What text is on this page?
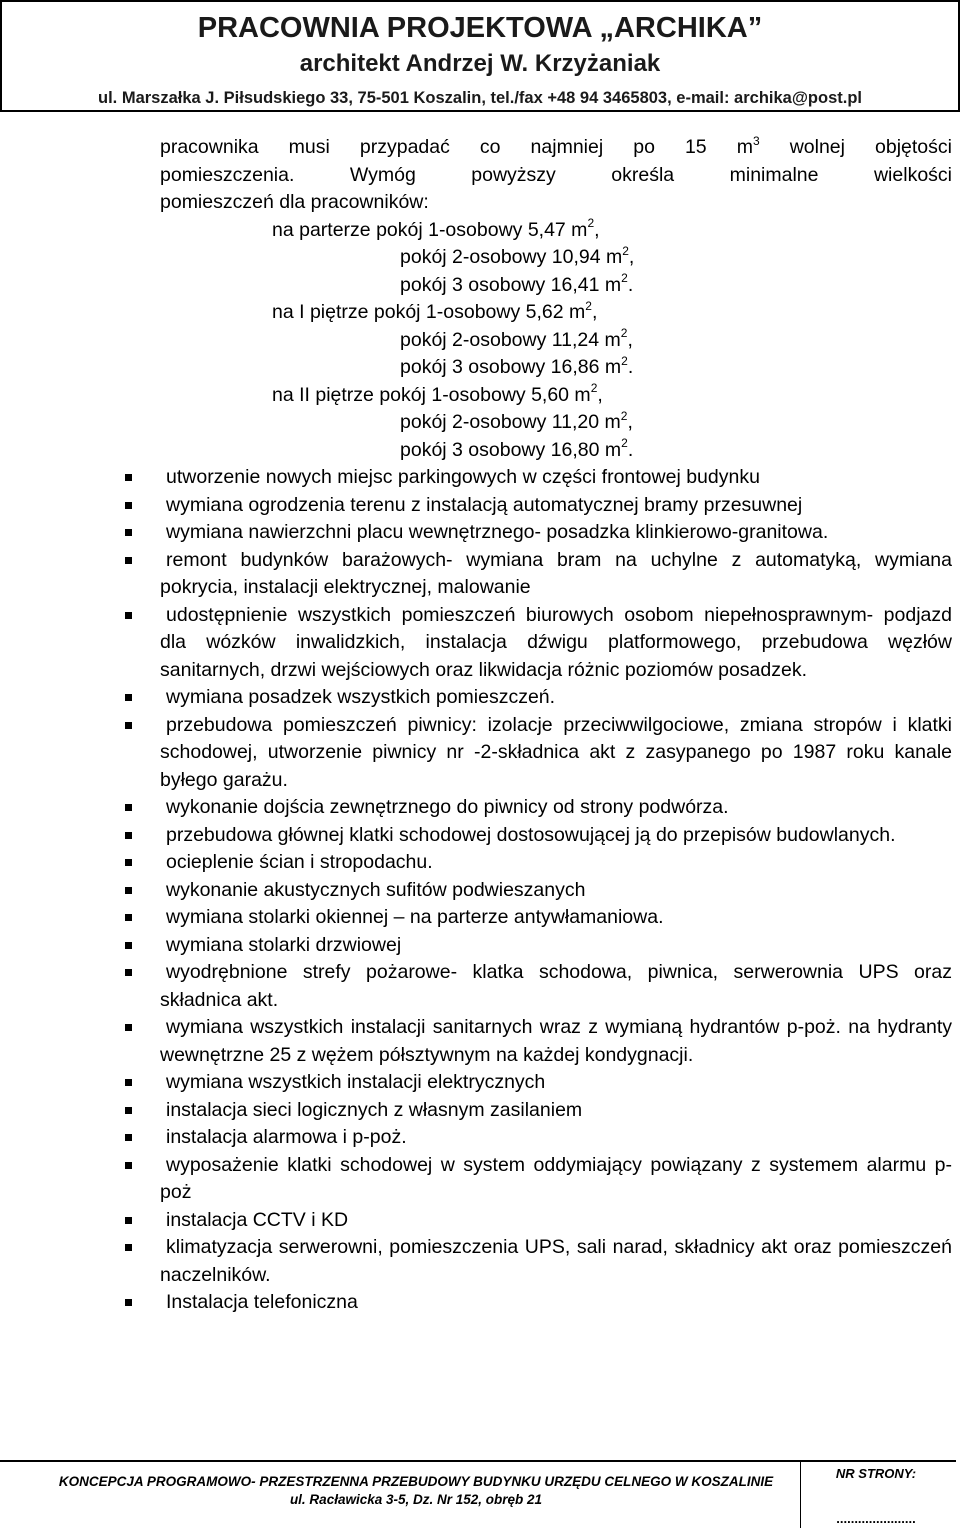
PRACOWNIA PROJEKTOWA „ARCHIKA”
architekt Andrzej W. Krzyżaniak
ul. Marszałka J. Piłsudskiego 33, 75-501 Koszalin, tel./fax +48 94 3465803, e-mail: archika@post.pl

pracownika musi przypadać co najmniej po 15 $m^3$ wolnej objętości

pomieszczenia. Wymóg powyższy określa minimalne wielkości

pomieszczeń dla pracowników:

na parterze pokój 1-osobowy 5,47 $m^2$,

pokój 2-osobowy 10,94 $m^2$,

pokój 3 osobowy 16,41 $m^2$.

na I piętrze pokój 1-osobowy 5,62 $m^2$,

pokój 2-osobowy 11,24 $m^2$,

pokój 3 osobowy 16,86 $m^2$.

na II piętrze pokój 1-osobowy 5,60 $m^2$,

pokój 2-osobowy 11,20 $m^2$,

pokój 3 osobowy 16,80 $m^2$.

utworzenie nowych miejsc parkingowych w części frontowej budynku
wymiana ogrodzenia terenu z instalacją automatycznej bramy przesuwnej
wymiana nawierzchni placu wewnętrznego- posadzka klinkierowo-granitowa.
remont budynków barażowych- wymiana bram na uchylne z automatyką, wymiana pokrycia, instalacji elektrycznej, malowanie
udostępnienie wszystkich pomieszczeń biurowych osobom niepełnosprawnym- podjazd dla wózków inwalidzkich, instalacja dźwigu platformowego, przebudowa węzłów sanitarnych, drzwi wejściowych oraz likwidacja różnic poziomów posadzek.
wymiana posadzek wszystkich pomieszczeń.
przebudowa pomieszczeń piwnicy: izolacje przeciwwilgociowe, zmiana stropów i klatki schodowej, utworzenie piwnicy nr -2-składnica akt z zasypanego po 1987 roku kanale byłego garażu.
wykonanie dojścia zewnętrznego do piwnicy od strony podwórza.
przebudowa głównej klatki schodowej dostosowującej ją do przepisów budowlanych.
ocieplenie ścian i stropodachu.
wykonanie akustycznych sufitów podwieszanych
wymiana stolarki okiennej – na parterze antywłamaniowa.
wymiana stolarki drzwiowej
wyodrębnione strefy pożarowe- klatka schodowa, piwnica, serwerownia UPS oraz składnica akt.
wymiana wszystkich instalacji sanitarnych wraz z wymianą hydrantów p-poż. na hydranty wewnętrzne 25 z wężem półsztywnym na każdej kondygnacji.
wymiana wszystkich instalacji elektrycznych
instalacja sieci logicznych z własnym zasilaniem
instalacja alarmowa i p-poż.
wyposażenie klatki schodowej w system oddymiający powiązany z systemem alarmu p-poż
instalacja CCTV i KD
klimatyzacja serwerowni, pomieszczenia UPS, sali narad, składnicy akt oraz pomieszczeń naczelników.
Instalacja telefoniczna
KONCEPCJA PROGRAMOWO- PRZESTRZENNA PRZEBUDOWY BUDYNKU URZĘDU CELNEGO W KOSZALINIE
ul. Racławicka 3-5, Dz. Nr 152, obręb 21
NR STRONY:
......................
